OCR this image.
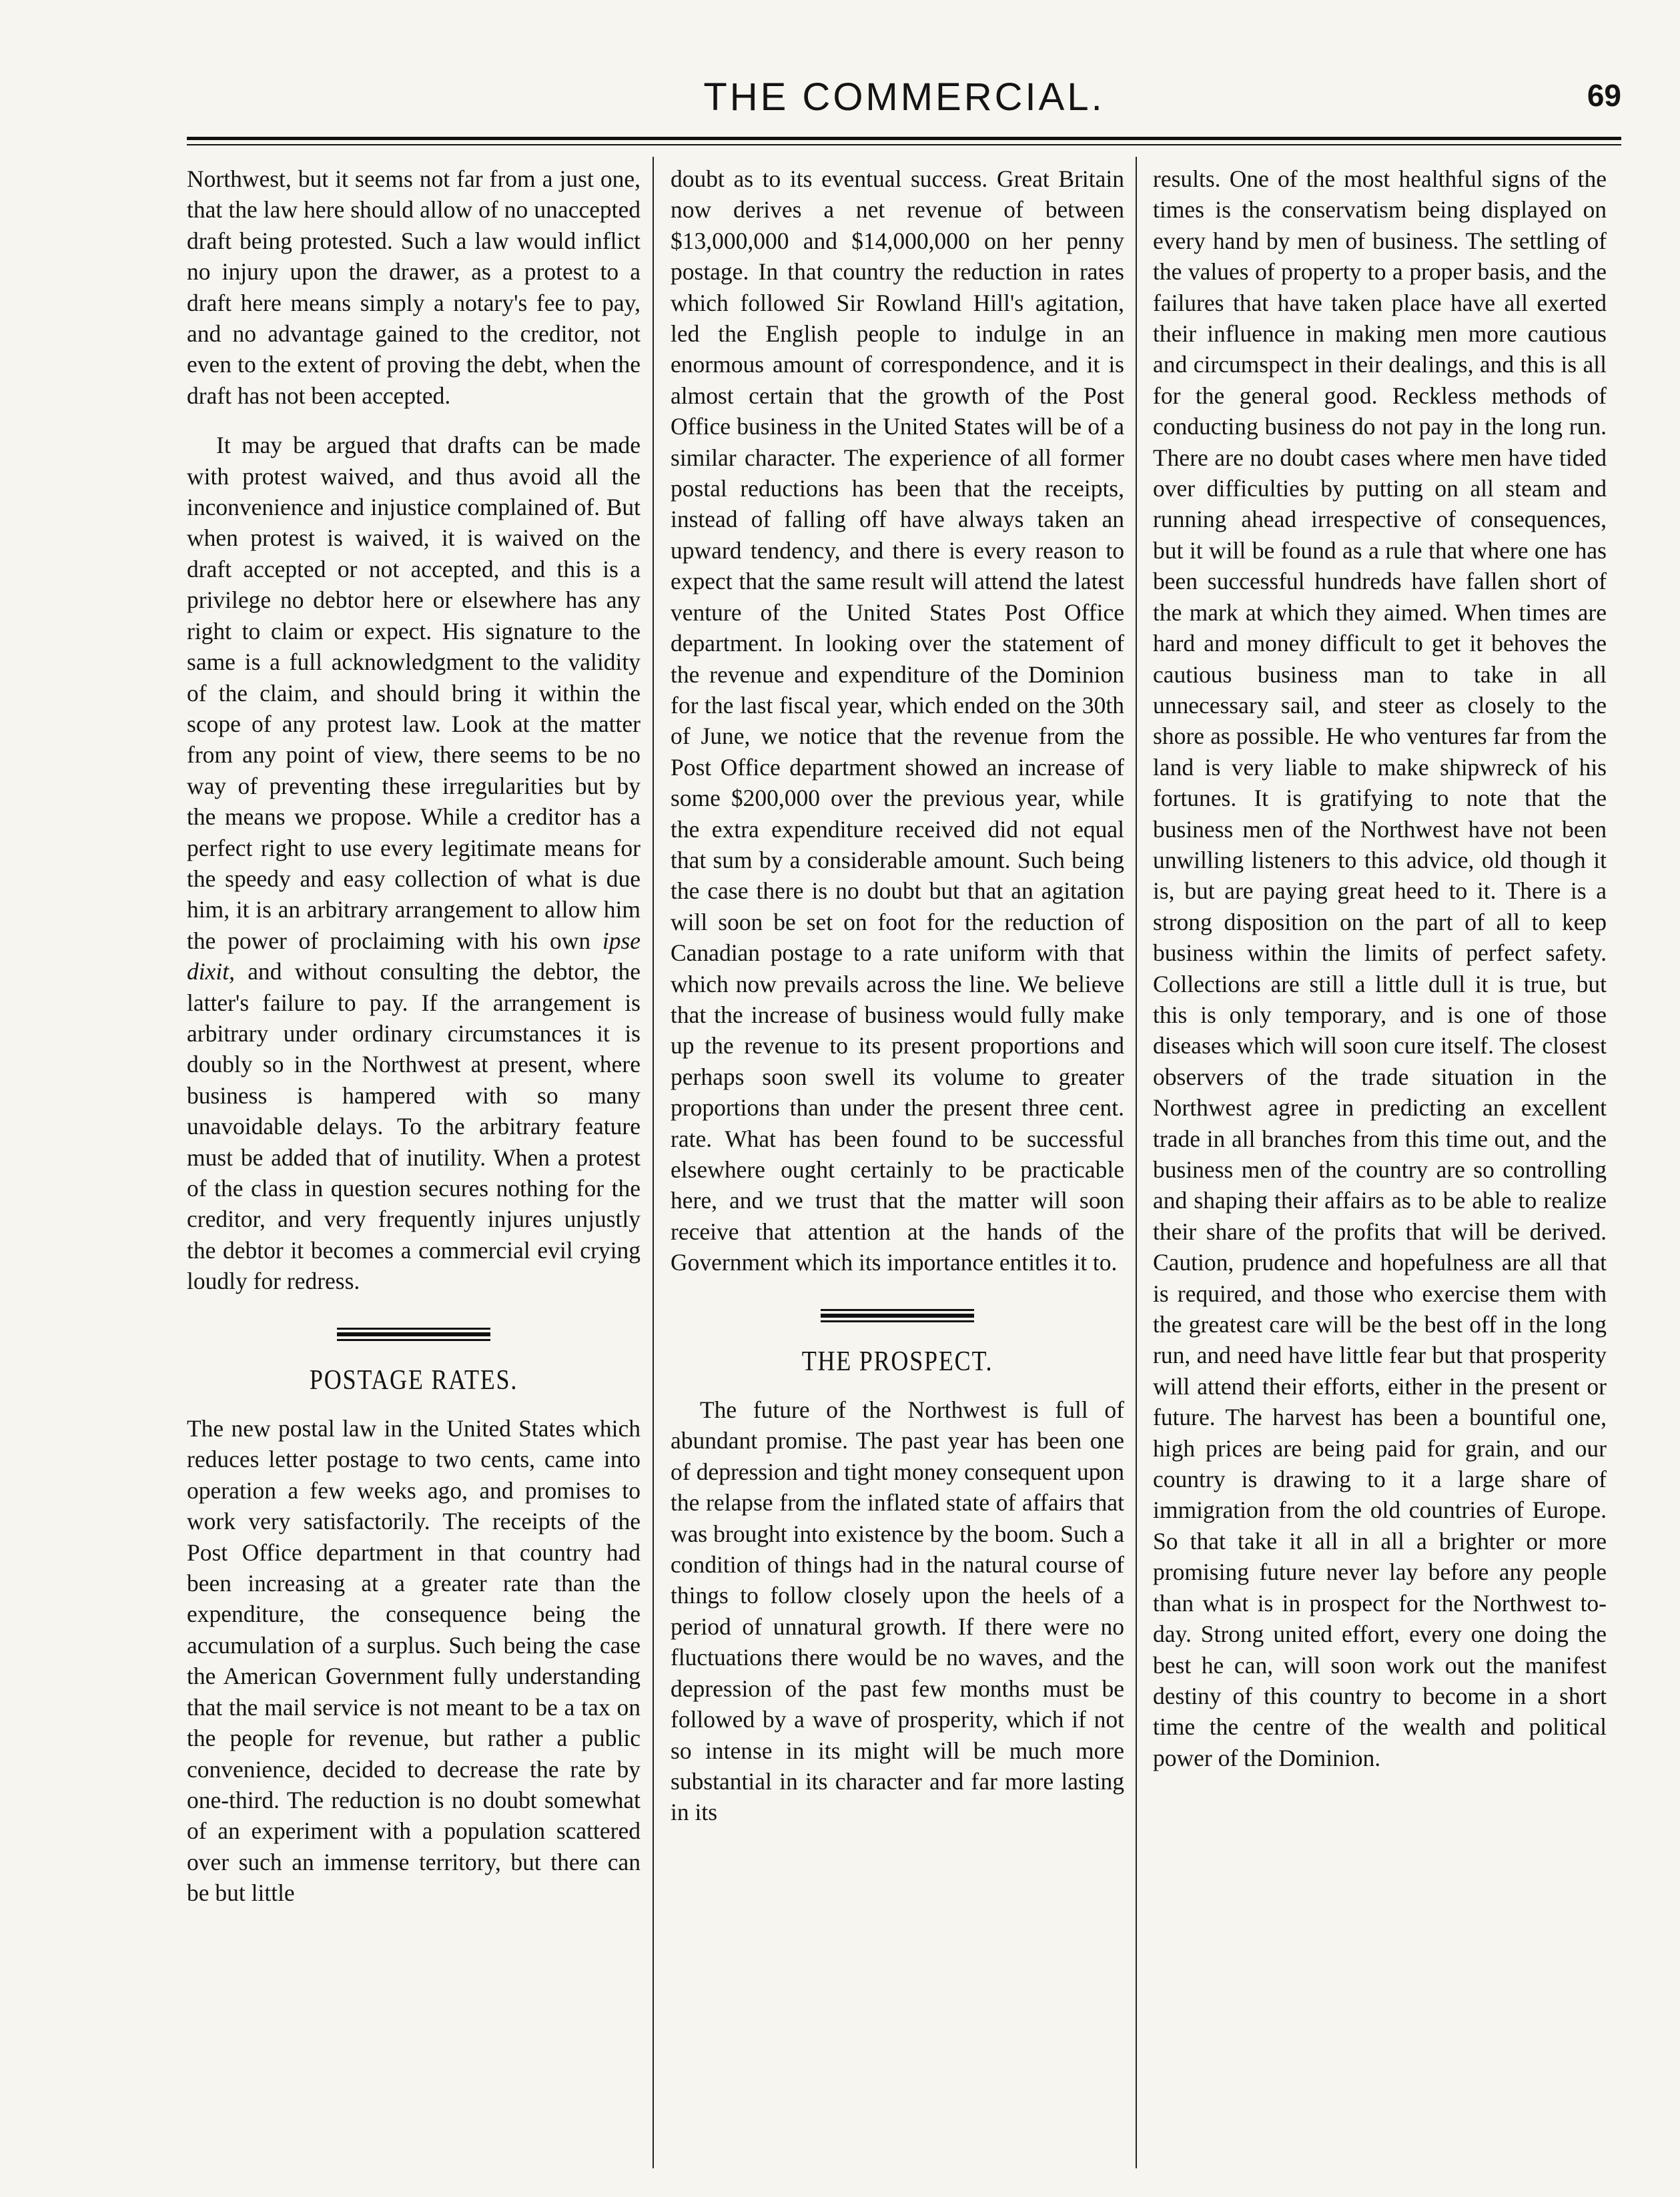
THE COMMERCIAL.	69

Northwest, but it seems not far from a just one, that the law here should allow of no unaccepted draft being protested. Such a law would inflict no injury upon the drawer, as a protest to a draft here means simply a notary's fee to pay, and no advantage gained to the creditor, not even to the extent of proving the debt, when the draft has not been accepted.

It may be argued that drafts can be made with protest waived, and thus avoid all the inconvenience and injustice complained of. But when protest is waived, it is waived on the draft accepted or not accepted, and this is a privilege no debtor here or elsewhere has any right to claim or expect. His signature to the same is a full acknowledgment to the validity of the claim, and should bring it within the scope of any protest law. Look at the matter from any point of view, there seems to be no way of preventing these irregularities but by the means we propose. While a creditor has a perfect right to use every legitimate means for the speedy and easy collection of what is due him, it is an arbitrary arrangement to allow him the power of proclaiming with his own ipse dixit, and without consulting the debtor, the latter's failure to pay. If the arrangement is arbitrary under ordinary circumstances it is doubly so in the Northwest at present, where business is hampered with so many unavoidable delays. To the arbitrary feature must be added that of inutility. When a protest of the class in question secures nothing for the creditor, and very frequently injures unjustly the debtor it becomes a commercial evil crying loudly for redress.

POSTAGE RATES.

The new postal law in the United States which reduces letter postage to two cents, came into operation a few weeks ago, and promises to work very satisfactorily. The receipts of the Post Office department in that country had been increasing at a greater rate than the expenditure, the consequence being the accumulation of a surplus. Such being the case the American Government fully understanding that the mail service is not meant to be a tax on the people for revenue, but rather a public convenience, decided to decrease the rate by one-third. The reduction is no doubt somewhat of an experiment with a population scattered over such an immense territory, but there can be but little

doubt as to its eventual success. Great Britain now derives a net revenue of between $13,000,000 and $14,000,000 on her penny postage. In that country the reduction in rates which followed Sir Rowland Hill's agitation, led the English people to indulge in an enormous amount of correspondence, and it is almost certain that the growth of the Post Office business in the United States will be of a similar character. The experience of all former postal reductions has been that the receipts, instead of falling off have always taken an upward tendency, and there is every reason to expect that the same result will attend the latest venture of the United States Post Office department. In looking over the statement of the revenue and expenditure of the Dominion for the last fiscal year, which ended on the 30th of June, we notice that the revenue from the Post Office department showed an increase of some $200,000 over the previous year, while the extra expenditure received did not equal that sum by a considerable amount. Such being the case there is no doubt but that an agitation will soon be set on foot for the reduction of Canadian postage to a rate uniform with that which now prevails across the line. We believe that the increase of business would fully make up the revenue to its present proportions and perhaps soon swell its volume to greater proportions than under the present three cent. rate. What has been found to be successful elsewhere ought certainly to be practicable here, and we trust that the matter will soon receive that attention at the hands of the Government which its importance entitles it to.

THE PROSPECT.

The future of the Northwest is full of abundant promise. The past year has been one of depression and tight money consequent upon the relapse from the inflated state of affairs that was brought into existence by the boom. Such a condition of things had in the natural course of things to follow closely upon the heels of a period of unnatural growth. If there were no fluctuations there would be no waves, and the depression of the past few months must be followed by a wave of prosperity, which if not so intense in its might will be much more substantial in its character and far more lasting in its

results. One of the most healthful signs of the times is the conservatism being displayed on every hand by men of business. The settling of the values of property to a proper basis, and the failures that have taken place have all exerted their influence in making men more cautious and circumspect in their dealings, and this is all for the general good. Reckless methods of conducting business do not pay in the long run. There are no doubt cases where men have tided over difficulties by putting on all steam and running ahead irrespective of consequences, but it will be found as a rule that where one has been successful hundreds have fallen short of the mark at which they aimed. When times are hard and money difficult to get it behoves the cautious business man to take in all unnecessary sail, and steer as closely to the shore as possible. He who ventures far from the land is very liable to make shipwreck of his fortunes. It is gratifying to note that the business men of the Northwest have not been unwilling listeners to this advice, old though it is, but are paying great heed to it. There is a strong disposition on the part of all to keep business within the limits of perfect safety. Collections are still a little dull it is true, but this is only temporary, and is one of those diseases which will soon cure itself. The closest observers of the trade situation in the Northwest agree in predicting an excellent trade in all branches from this time out, and the business men of the country are so controlling and shaping their affairs as to be able to realize their share of the profits that will be derived. Caution, prudence and hopefulness are all that is required, and those who exercise them with the greatest care will be the best off in the long run, and need have little fear but that prosperity will attend their efforts, either in the present or future. The harvest has been a bountiful one, high prices are being paid for grain, and our country is drawing to it a large share of immigration from the old countries of Europe. So that take it all in all a brighter or more promising future never lay before any people than what is in prospect for the Northwest to-day. Strong united effort, every one doing the best he can, will soon work out the manifest destiny of this country to become in a short time the centre of the wealth and political power of the Dominion.
